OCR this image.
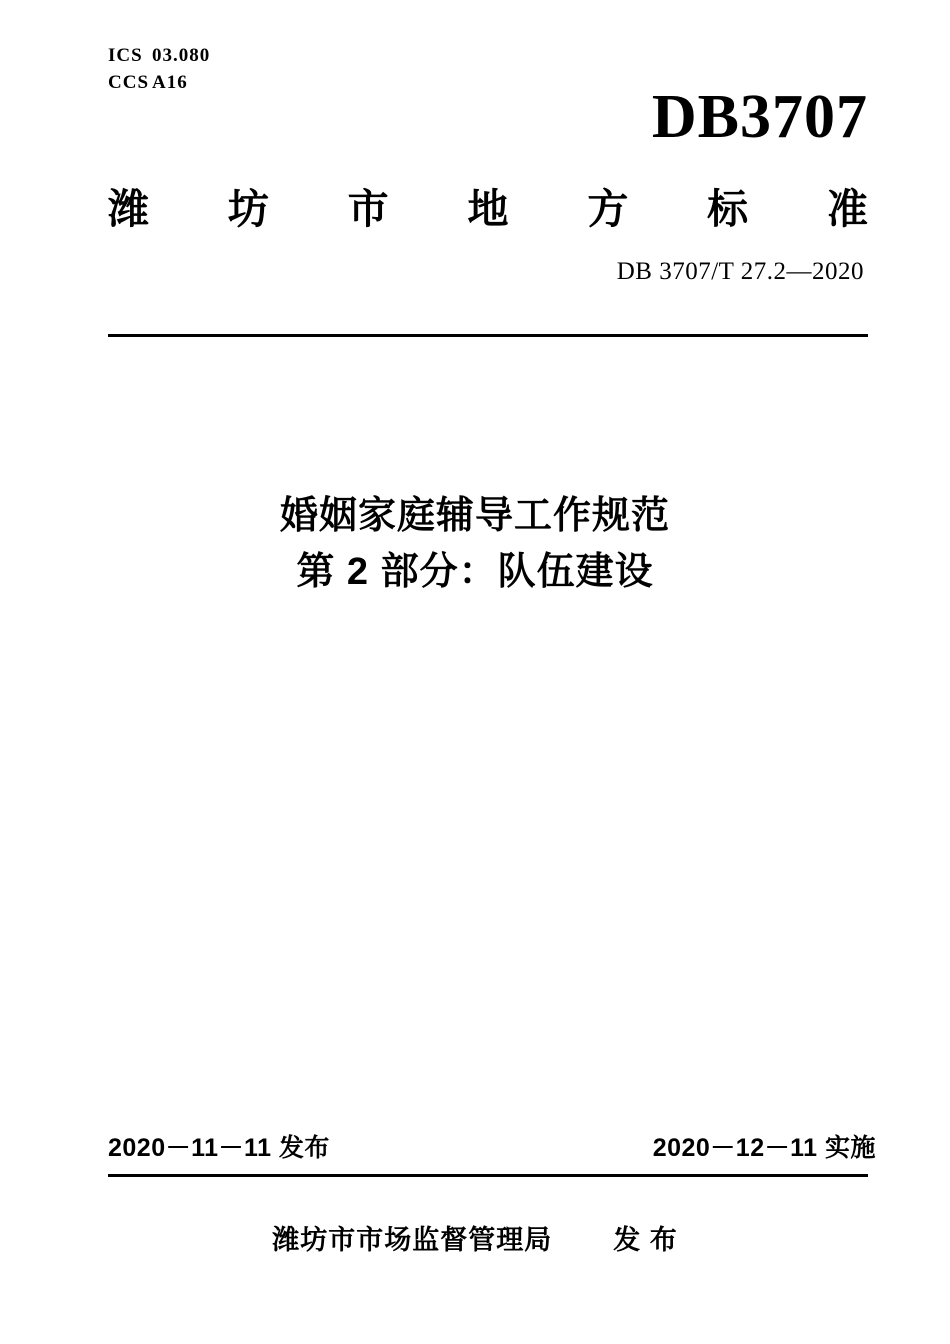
ICS 03.080
CCS A16
DB3707
潍 坊 市 地 方 标 准
DB 3707/T 27.2—2020
婚姻家庭辅导工作规范
第 2 部分：队伍建设
2020－11－11 发布	2020－12－11 实施
潍坊市市场监督管理局 发 布
